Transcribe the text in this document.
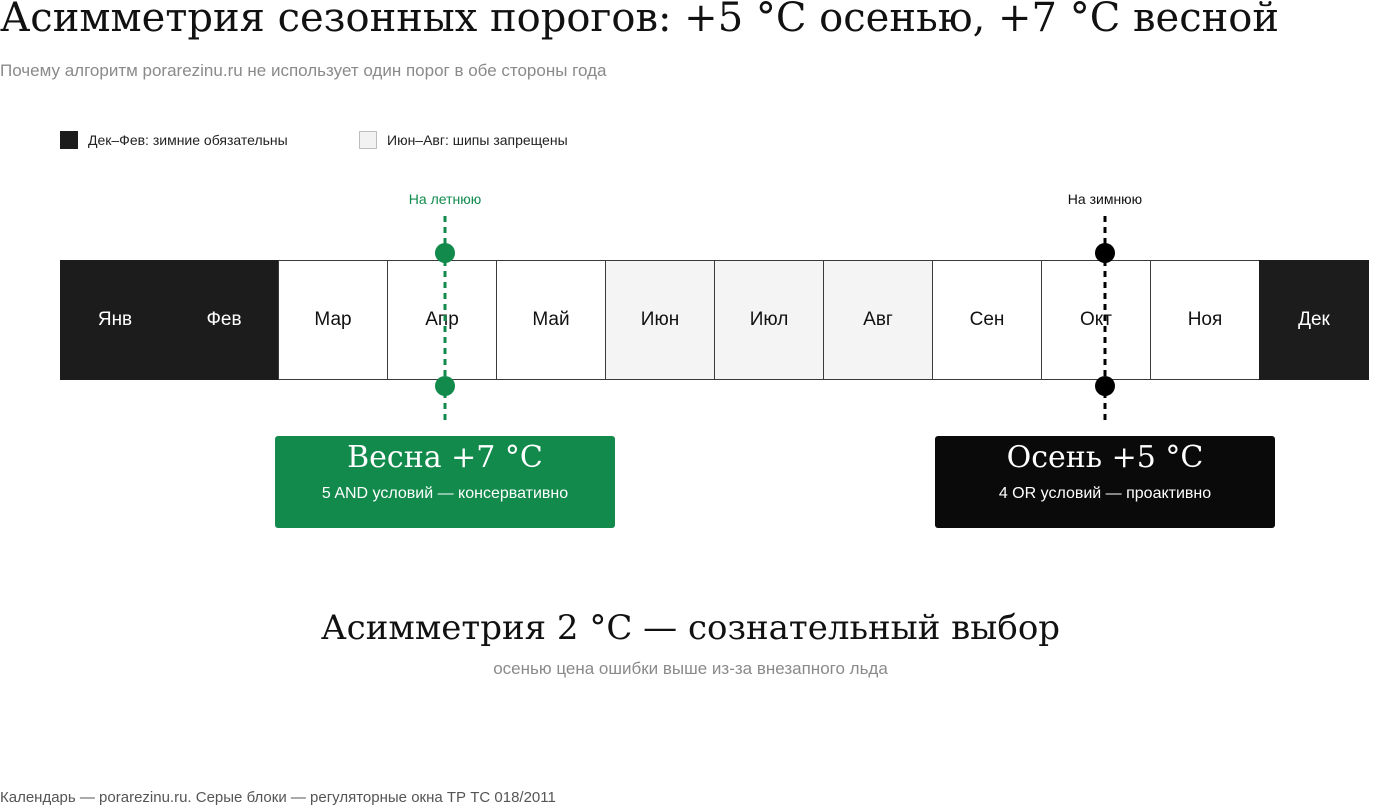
Асимметрия сезонных порогов: +5 °C осенью, +7 °C весной
Почему алгоритм porarezinu.ru не использует один порог в обе стороны года
Дек–Фев: зимние обязательны	Июн–Авг: шипы запрещены
На летнюю	На зимнюю
Янв	Фев	Мар	Апр	Май	Июн	Июл	Авг	Сен	Окт	Ноя	Дек
Весна +7 °C
5 AND условий — консервативно
Осень +5 °C
4 OR условий — проактивно
Асимметрия 2 °C — сознательный выбор
осенью цена ошибки выше из-за внезапного льда
Календарь — porarezinu.ru. Серые блоки — регуляторные окна ТР ТС 018/2011
